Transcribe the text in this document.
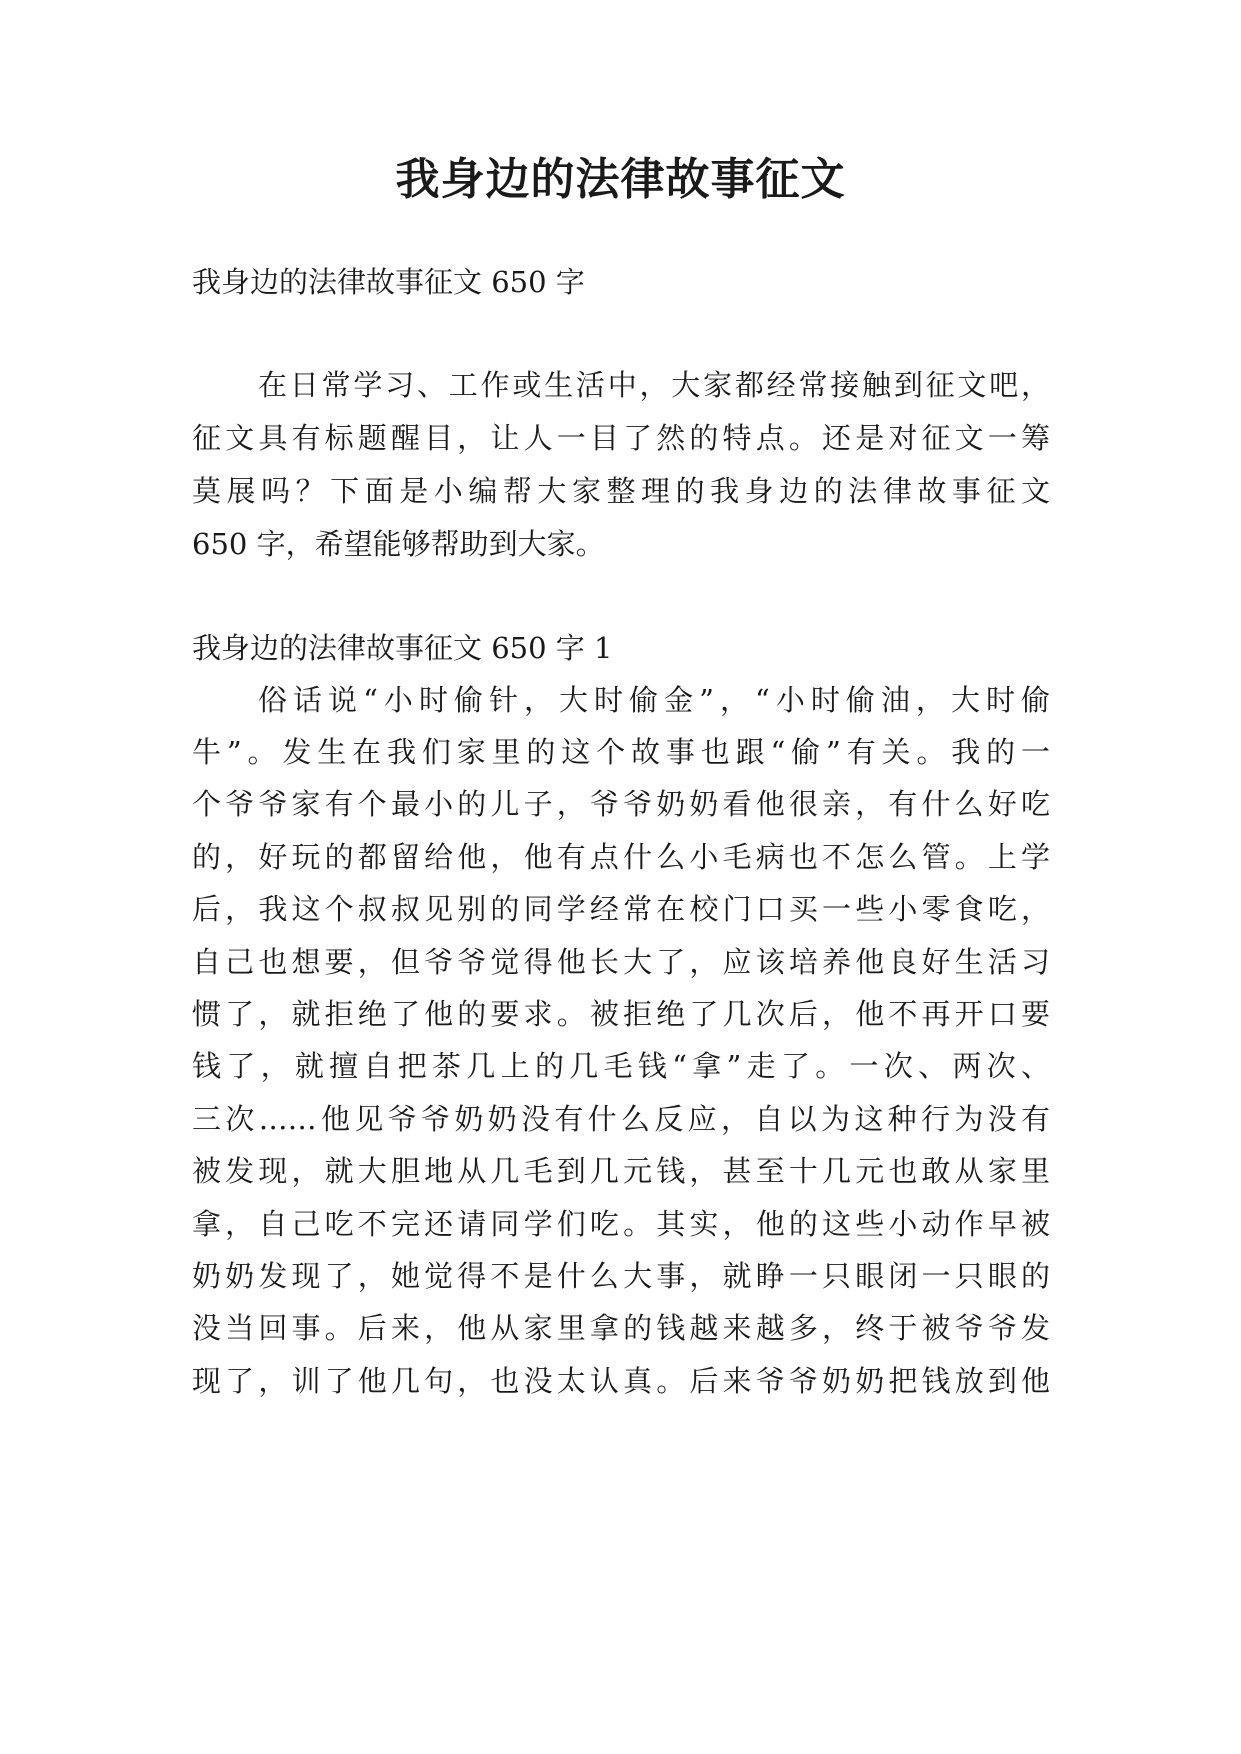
我身边的法律故事征文

我身边的法律故事征文 650 字

在日常学习、工作或生活中，大家都经常接触到征文吧，

征文具有标题醒目，让人一目了然的特点。还是对征文一筹

莫展吗？下面是小编帮大家整理的我身边的法律故事征文

650 字，希望能够帮助到大家。

我身边的法律故事征文 650 字 1

俗话说“小时偷针，大时偷金”，“小时偷油，大时偷

牛”。发生在我们家里的这个故事也跟“偷”有关。我的一

个爷爷家有个最小的儿子，爷爷奶奶看他很亲，有什么好吃

的，好玩的都留给他，他有点什么小毛病也不怎么管。上学

后，我这个叔叔见别的同学经常在校门口买一些小零食吃，

自己也想要，但爷爷觉得他长大了，应该培养他良好生活习

惯了，就拒绝了他的要求。被拒绝了几次后，他不再开口要

钱了，就擅自把茶几上的几毛钱“拿”走了。一次、两次、

三次……他见爷爷奶奶没有什么反应，自以为这种行为没有

被发现，就大胆地从几毛到几元钱，甚至十几元也敢从家里

拿，自己吃不完还请同学们吃。其实，他的这些小动作早被

奶奶发现了，她觉得不是什么大事，就睁一只眼闭一只眼的

没当回事。后来，他从家里拿的钱越来越多，终于被爷爷发

现了，训了他几句，也没太认真。后来爷爷奶奶把钱放到他
